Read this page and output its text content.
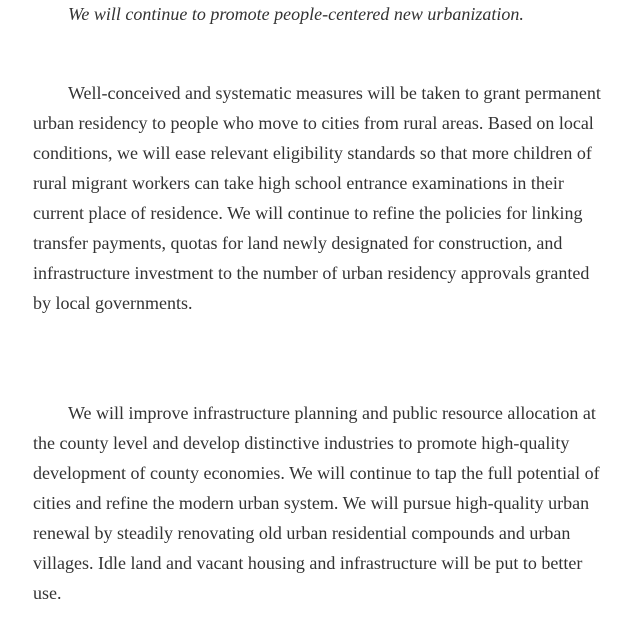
We will continue to promote people-centered new urbanization.

Well-conceived and systematic measures will be taken to grant permanent urban residency to people who move to cities from rural areas. Based on local conditions, we will ease relevant eligibility standards so that more children of rural migrant workers can take high school entrance examinations in their current place of residence. We will continue to refine the policies for linking transfer payments, quotas for land newly designated for construction, and infrastructure investment to the number of urban residency approvals granted by local governments.

We will improve infrastructure planning and public resource allocation at the county level and develop distinctive industries to promote high-quality development of county economies. We will continue to tap the full potential of cities and refine the modern urban system. We will pursue high-quality urban renewal by steadily renovating old urban residential compounds and urban villages. Idle land and vacant housing and infrastructure will be put to better use.
